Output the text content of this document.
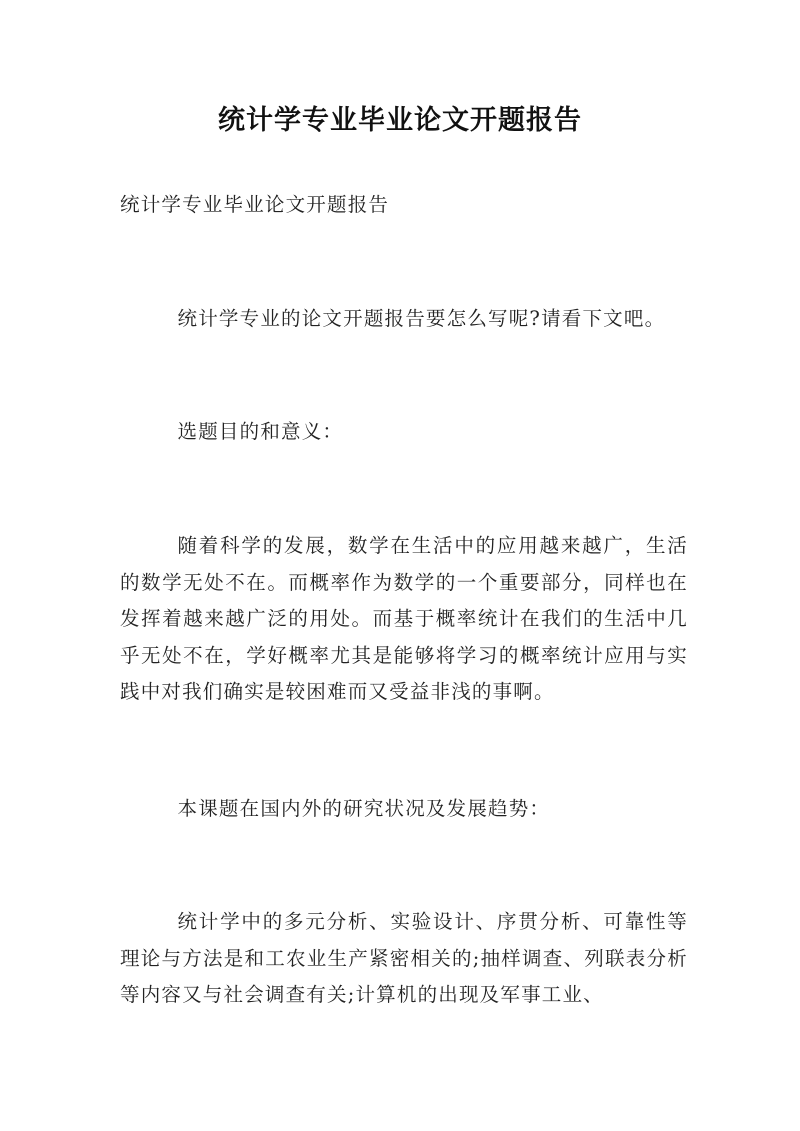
统计学专业毕业论文开题报告
统计学专业毕业论文开题报告
统计学专业的论文开题报告要怎么写呢?请看下文吧。
选题目的和意义：
随着科学的发展，数学在生活中的应用越来越广，生活的数学无处不在。而概率作为数学的一个重要部分，同样也在发挥着越来越广泛的用处。而基于概率统计在我们的生活中几乎无处不在，学好概率尤其是能够将学习的概率统计应用与实践中对我们确实是较困难而又受益非浅的事啊。
本课题在国内外的研究状况及发展趋势：
统计学中的多元分析、实验设计、序贯分析、可靠性等理论与方法是和工农业生产紧密相关的;抽样调查、列联表分析等内容又与社会调查有关;计算机的出现及军事工业、
